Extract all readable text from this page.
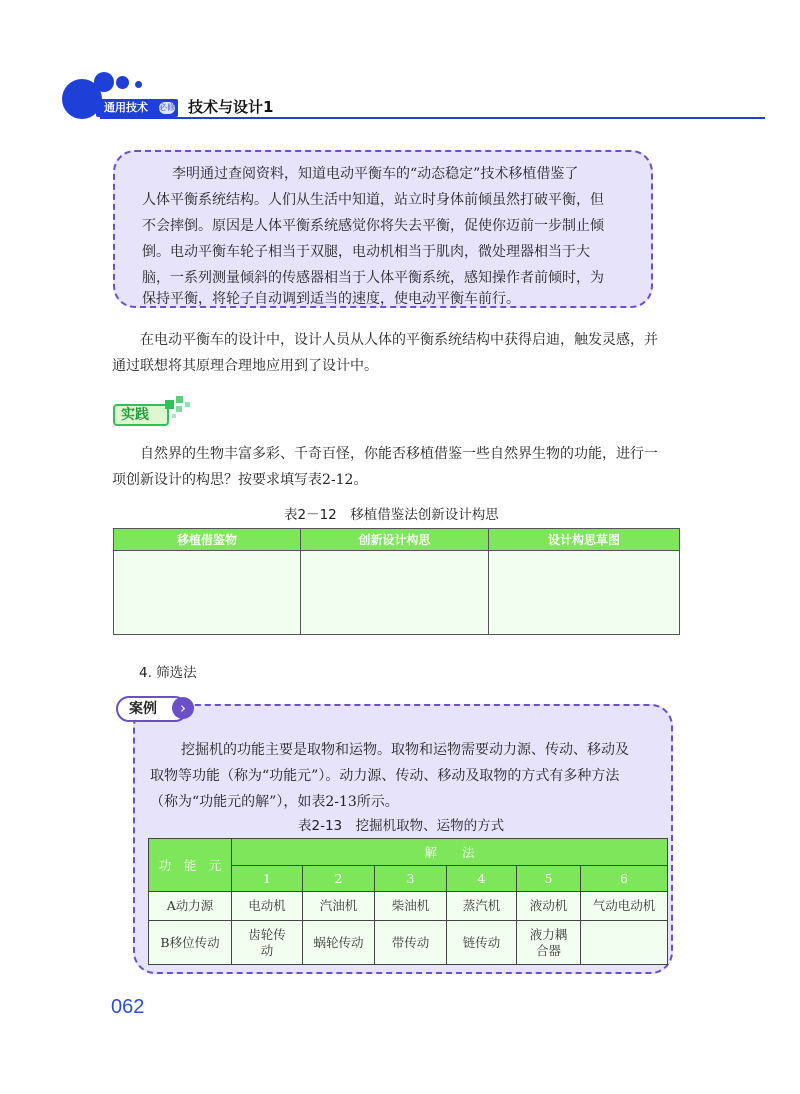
通用技术 必修 技术与设计1
李明通过查阅资料，知道电动平衡车的“动态稳定”技术移植借鉴了
人体平衡系统结构。人们从生活中知道，站立时身体前倾虽然打破平衡，但
不会摔倒。原因是人体平衡系统感觉你将失去平衡，促使你迈前一步制止倾
倒。电动平衡车轮子相当于双腿，电动机相当于肌肉，微处理器相当于大
脑，一系列测量倾斜的传感器相当于人体平衡系统，感知操作者前倾时，为
保持平衡，将轮子自动调到适当的速度，使电动平衡车前行。
在电动平衡车的设计中，设计人员从人体的平衡系统结构中获得启迪，触发灵感，并
通过联想将其原理合理地应用到了设计中。
实践
自然界的生物丰富多彩、千奇百怪，你能否移植借鉴一些自然界生物的功能，进行一
项创新设计的构思？按要求填写表2-12。
表2－12　移植借鉴法创新设计构思
移植借鉴物	创新设计构思	设计构思草图

4. 筛选法
案例	›
挖掘机的功能主要是取物和运物。取物和运物需要动力源、传动、移动及
取物等功能（称为“功能元”）。动力源、传动、移动及取物的方式有多种方法
（称为“功能元的解”），如表2-13所示。
表2-13　挖掘机取物、运物的方式
功　能　元	解　　法					
	1	2	3	4	5	6
A动力源	电动机	汽油机	柴油机	蒸汽机	液动机	气动电动机
B移位传动	齿轮传
动	蜗轮传动	带传动	链传动	液力耦
合器	
062
